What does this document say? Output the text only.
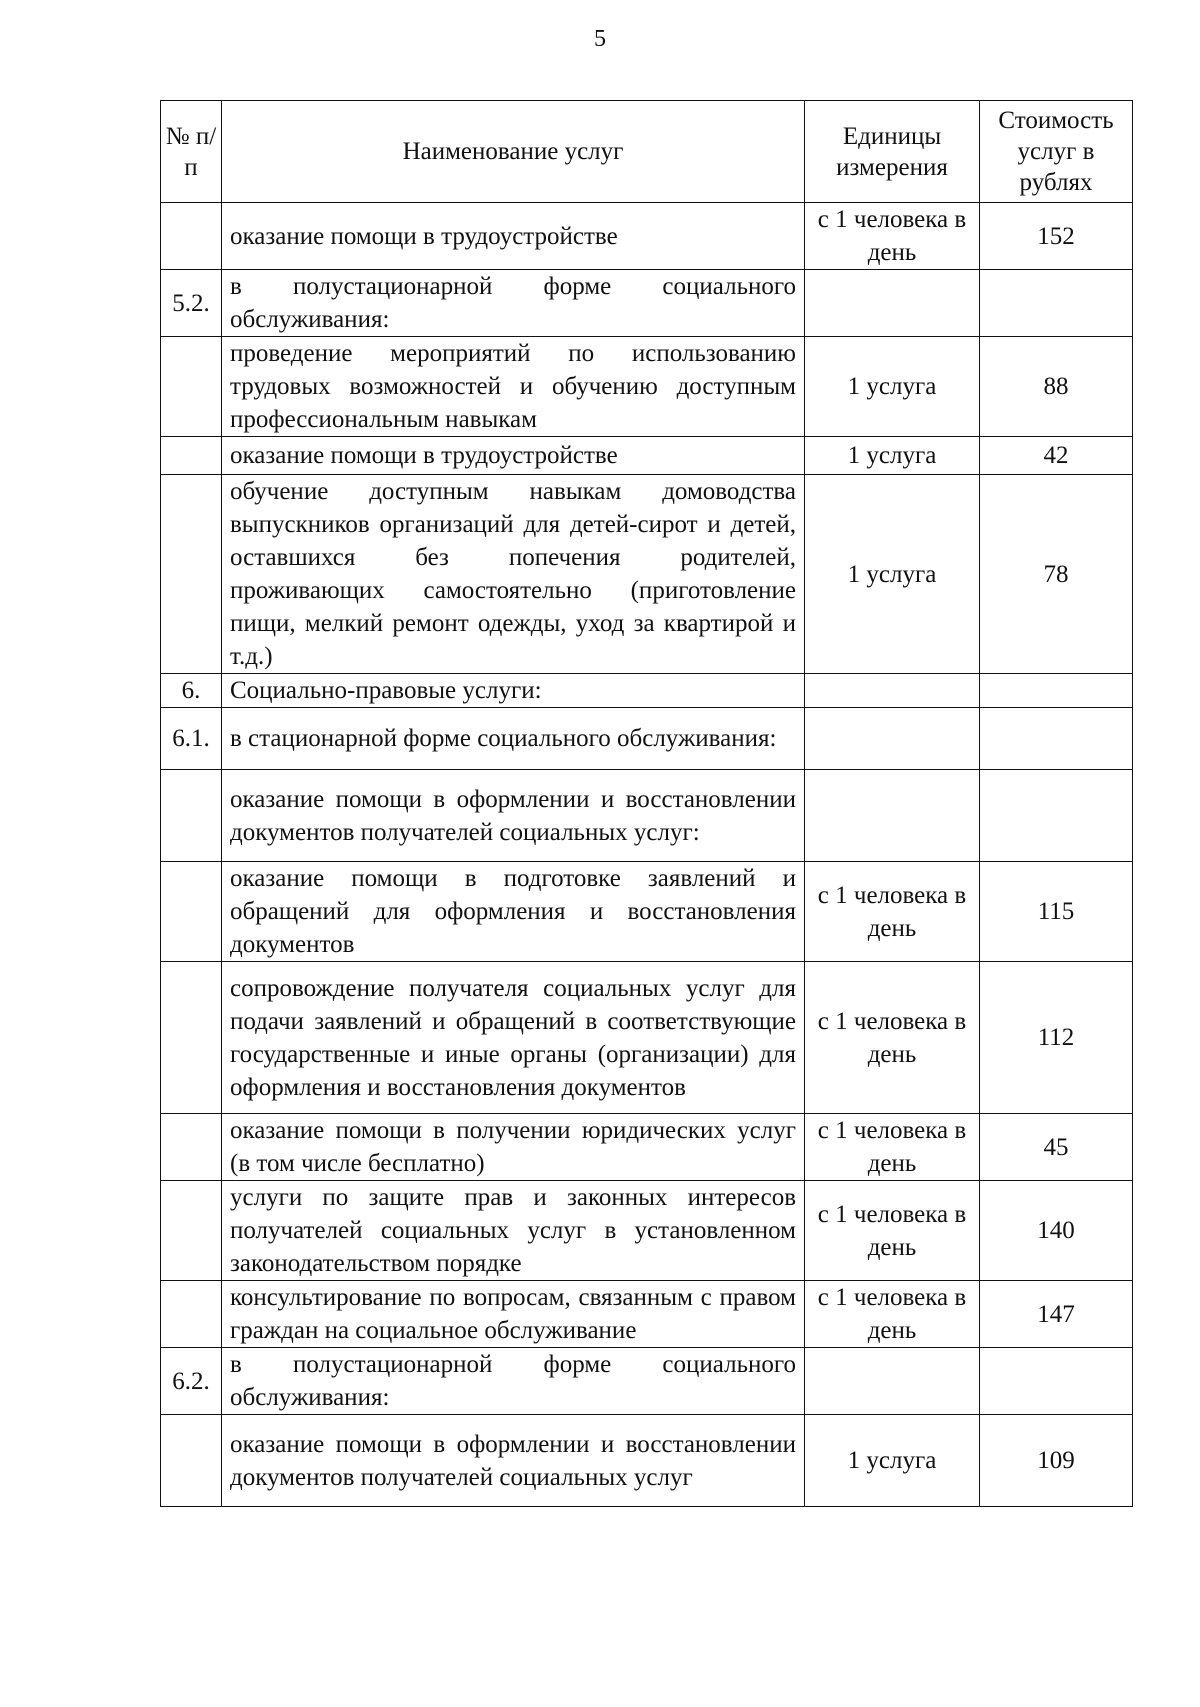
5
№ п/п	Наименование услуг	Единицы измерения	Стоимость услуг в рублях
	оказание помощи в трудоустройстве	с 1 человека в день	152
5.2.	в полустационарной форме социального обслуживания:		
	проведение мероприятий по использованию трудовых возможностей и обучению доступным профессиональным навыкам	1 услуга	88
	оказание помощи в трудоустройстве	1 услуга	42
	обучение доступным навыкам домоводства выпускников организаций для детей-сирот и детей, оставшихся без попечения родителей, проживающих самостоятельно (приготовление пищи, мелкий ремонт одежды, уход за квартирой и т.д.)	1 услуга	78
6.	Социально-правовые услуги:		
6.1.	в стационарной форме социального обслуживания:		
	оказание помощи в оформлении и восстановлении документов получателей социальных услуг:		
	оказание помощи в подготовке заявлений и обращений для оформления и восстановления документов	с 1 человека в день	115
	сопровождение получателя социальных услуг для подачи заявлений и обращений в соответствующие государственные и иные органы (организации) для оформления и восстановления документов	с 1 человека в день	112
	оказание помощи в получении юридических услуг (в том числе бесплатно)	с 1 человека в день	45
	услуги по защите прав и законных интересов получателей социальных услуг в установленном законодательством порядке	с 1 человека в день	140
	консультирование по вопросам, связанным с правом граждан на социальное обслуживание	с 1 человека в день	147
6.2.	в полустационарной форме социального обслуживания:		
	оказание помощи в оформлении и восстановлении документов получателей социальных услуг	1 услуга	109
